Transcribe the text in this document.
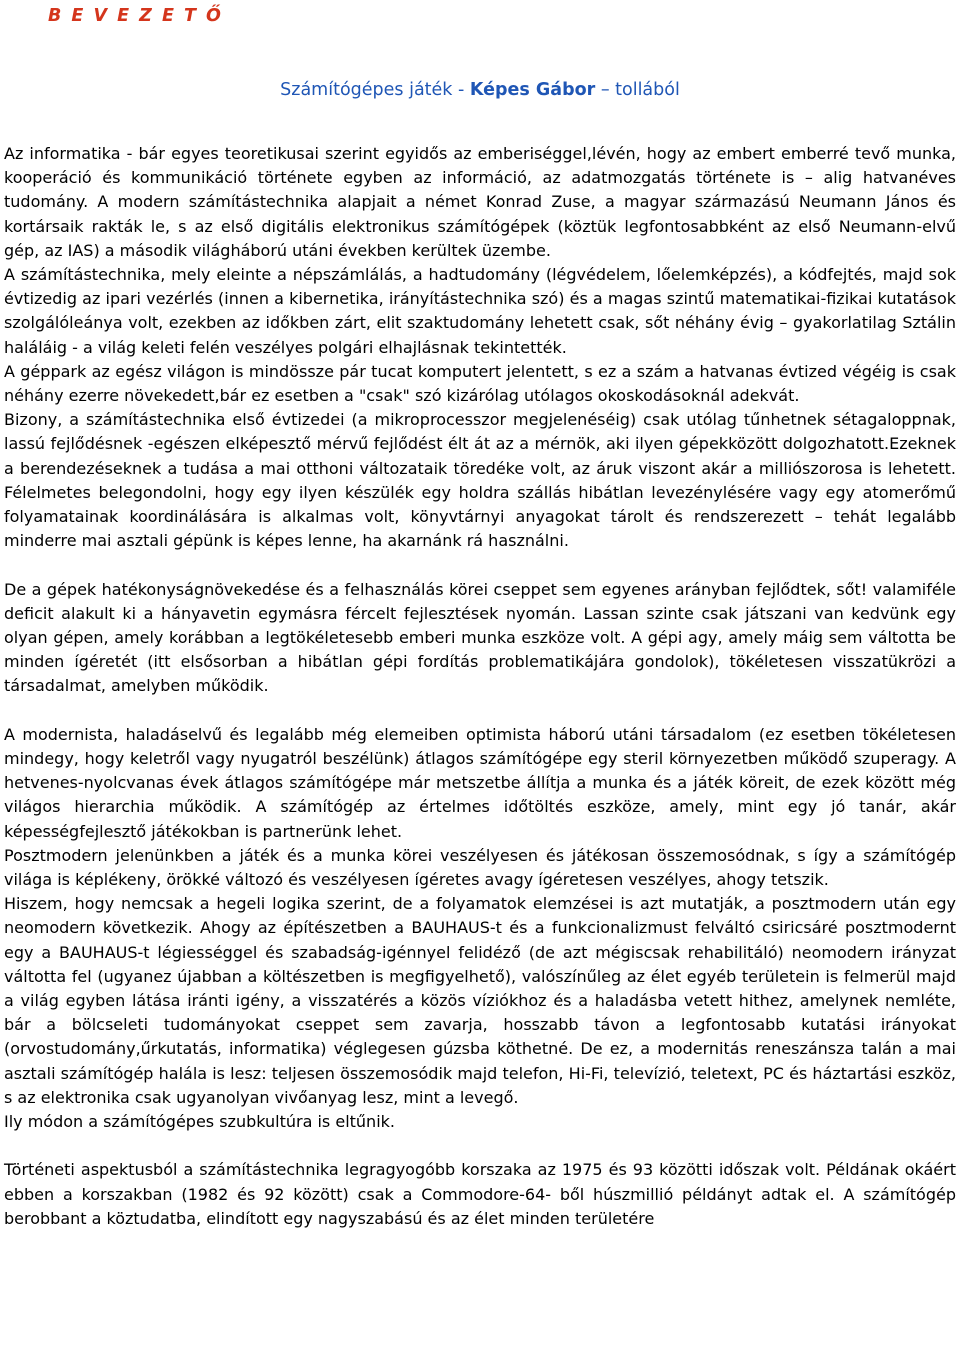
B E V E Z E T Ő
Számítógépes játék - Képes Gábor – tollából

Az informatika - bár egyes teoretikusai szerint egyidős az emberiséggel,lévén, hogy az embert emberré tevő munka, kooperáció és kommunikáció története egyben az információ, az adatmozgatás története is – alig hatvanéves tudomány. A modern számítástechnika alapjait a német Konrad Zuse, a magyar származású Neumann János és kortársaik rakták le, s az első digitális elektronikus számítógépek (köztük legfontosabbként az első Neumann-elvű gép, az IAS) a második világháború utáni években kerültek üzembe.

A számítástechnika, mely eleinte a népszámlálás, a hadtudomány (légvédelem, lőelemképzés), a kódfejtés, majd sok évtizedig az ipari vezérlés (innen a kibernetika, irányítástechnika szó) és a magas szintű matematikai-fizikai kutatások szolgálóleánya volt, ezekben az időkben zárt, elit szaktudomány lehetett csak, sőt néhány évig – gyakorlatilag Sztálin haláláig - a világ keleti felén veszélyes polgári elhajlásnak tekintették.

A géppark az egész világon is mindössze pár tucat komputert jelentett, s ez a szám a hatvanas évtized végéig is csak néhány ezerre növekedett,bár ez esetben a "csak" szó kizárólag utólagos okoskodásoknál adekvát.

Bizony, a számítástechnika első évtizedei (a mikroprocesszor megjelenéséig) csak utólag tűnhetnek sétagaloppnak, lassú fejlődésnek -egészen elképesztő mérvű fejlődést élt át az a mérnök, aki ilyen gépekközött dolgozhatott.Ezeknek a berendezéseknek a tudása a mai otthoni változataik töredéke volt, az áruk viszont akár a milliószorosa is lehetett. Félelmetes belegondolni, hogy egy ilyen készülék egy holdra szállás hibátlan levezénylésére vagy egy atomerőmű folyamatainak koordinálására is alkalmas volt, könyvtárnyi anyagokat tárolt és rendszerezett – tehát legalább minderre mai asztali gépünk is képes lenne, ha akarnánk rá használni.

De a gépek hatékonyságnövekedése és a felhasználás körei cseppet sem egyenes arányban fejlődtek, sőt! valamiféle deficit alakult ki a hányavetin egymásra fércelt fejlesztések nyomán. Lassan szinte csak játszani van kedvünk egy olyan gépen, amely korábban a legtökéletesebb emberi munka eszköze volt. A gépi agy, amely máig sem váltotta be minden ígéretét (itt elsősorban a hibátlan gépi fordítás problematikájára gondolok), tökéletesen visszatükrözi a társadalmat, amelyben működik.

A modernista, haladáselvű és legalább még elemeiben optimista háború utáni társadalom (ez esetben tökéletesen mindegy, hogy keletről vagy nyugatról beszélünk) átlagos számítógépe egy steril környezetben működő szuperagy. A hetvenes-nyolcvanas évek átlagos számítógépe már metszetbe állítja a munka és a játék köreit, de ezek között még világos hierarchia működik. A számítógép az értelmes időtöltés eszköze, amely, mint egy jó tanár, akár képességfejlesztő játékokban is partnerünk lehet.

Posztmodern jelenünkben a játék és a munka körei veszélyesen és játékosan összemosódnak, s így a számítógép világa is képlékeny, örökké változó és veszélyesen ígéretes avagy ígéretesen veszélyes, ahogy tetszik.

Hiszem, hogy nemcsak a hegeli logika szerint, de a folyamatok elemzései is azt mutatják, a posztmodern után egy neomodern következik. Ahogy az építészetben a BAUHAUS-t és a funkcionalizmust felváltó csiricsáré posztmodernt egy a BAUHAUS-t légiességgel és szabadság-igénnyel felidéző (de azt mégiscsak rehabilitáló) neomodern irányzat váltotta fel (ugyanez újabban a költészetben is megfigyelhető), valószínűleg az élet egyéb területein is felmerül majd a világ egyben látása iránti igény, a visszatérés a közös víziókhoz és a haladásba vetett hithez, amelynek nemléte, bár a bölcseleti tudományokat cseppet sem zavarja, hosszabb távon a legfontosabb kutatási irányokat (orvostudomány,űrkutatás, informatika) véglegesen gúzsba köthetné. De ez, a modernitás reneszánsza talán a mai asztali számítógép halála is lesz: teljesen összemosódik majd telefon, Hi-Fi, televízió, teletext, PC és háztartási eszköz, s az elektronika csak ugyanolyan vivőanyag lesz, mint a levegő.

Ily módon a számítógépes szubkultúra is eltűnik.

Történeti aspektusból a számítástechnika legragyogóbb korszaka az 1975 és 93 közötti időszak volt. Példának okáért ebben a korszakban (1982 és 92 között) csak a Commodore-64- ből húszmillió példányt adtak el. A számítógép berobbant a köztudatba, elindított egy nagyszabású és az élet minden területére
